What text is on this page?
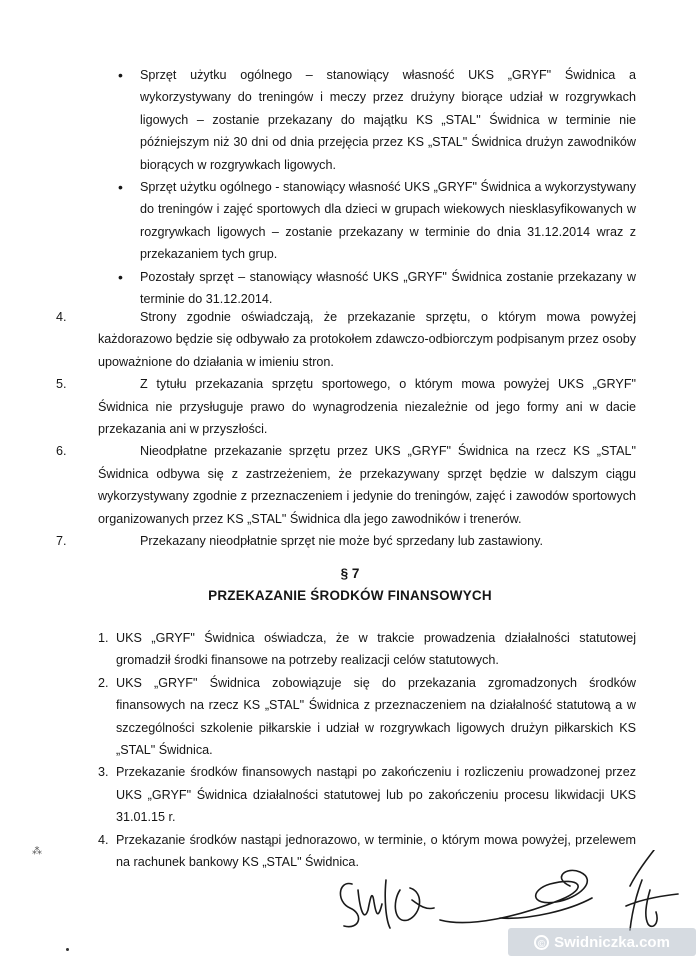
• Sprzęt użytku ogólnego – stanowiący własność UKS „GRYF" Świdnica a wykorzystywany do treningów i meczy przez drużyny biorące udział w rozgrywkach ligowych – zostanie przekazany do majątku KS „STAL" Świdnica w terminie nie późniejszym niż 30 dni od dnia przejęcia przez KS „STAL" Świdnica drużyn zawodników biorących w rozgrywkach ligowych.
• Sprzęt użytku ogólnego - stanowiący własność UKS „GRYF" Świdnica a wykorzystywany do treningów i zajęć sportowych dla dzieci w grupach wiekowych niesklasyfikowanych w rozgrywkach ligowych – zostanie przekazany w terminie do dnia 31.12.2014 wraz z przekazaniem tych grup.
• Pozostały sprzęt – stanowiący własność UKS „GRYF" Świdnica zostanie przekazany w terminie do 31.12.2014.
4.	Strony zgodnie oświadczają, że przekazanie sprzętu, o którym mowa powyżej każdorazowo będzie się odbywało za protokołem zdawczo-odbiorczym podpisanym przez osoby upoważnione do działania w imieniu stron.
5.	Z tytułu przekazania sprzętu sportowego, o którym mowa powyżej UKS „GRYF" Świdnica nie przysługuje prawo do wynagrodzenia niezależnie od jego formy ani w dacie przekazania ani w przyszłości.
6.	Nieodpłatne przekazanie sprzętu przez UKS „GRYF" Świdnica na rzecz KS „STAL" Świdnica odbywa się z zastrzeżeniem, że przekazywany sprzęt będzie w dalszym ciągu wykorzystywany zgodnie z przeznaczeniem i jedynie do treningów, zajęć i zawodów sportowych organizowanych przez KS „STAL" Świdnica dla jego zawodników i trenerów.
7.	Przekazany nieodpłatnie sprzęt nie może być sprzedany lub zastawiony.
§ 7
PRZEKAZANIE ŚRODKÓW FINANSOWYCH
1. UKS „GRYF" Świdnica oświadcza, że w trakcie prowadzenia działalności statutowej gromadził środki finansowe na potrzeby realizacji celów statutowych.
2. UKS „GRYF" Świdnica zobowiązuje się do przekazania zgromadzonych środków finansowych na rzecz KS „STAL" Świdnica z przeznaczeniem na działalność statutową a w szczególności szkolenie piłkarskie i udział w rozgrywkach ligowych drużyn piłkarskich KS „STAL" Świdnica.
3. Przekazanie środków finansowych nastąpi po zakończeniu i rozliczeniu prowadzonej przez UKS „GRYF" Świdnica działalności statutowej lub po zakończeniu procesu likwidacji UKS 31.01.15 r.
4. Przekazanie środków nastąpi jednorazowo, w terminie, o którym mowa powyżej, przelewem na rachunek bankowy KS „STAL" Świdnica.
⁂
© Swidniczka.com
